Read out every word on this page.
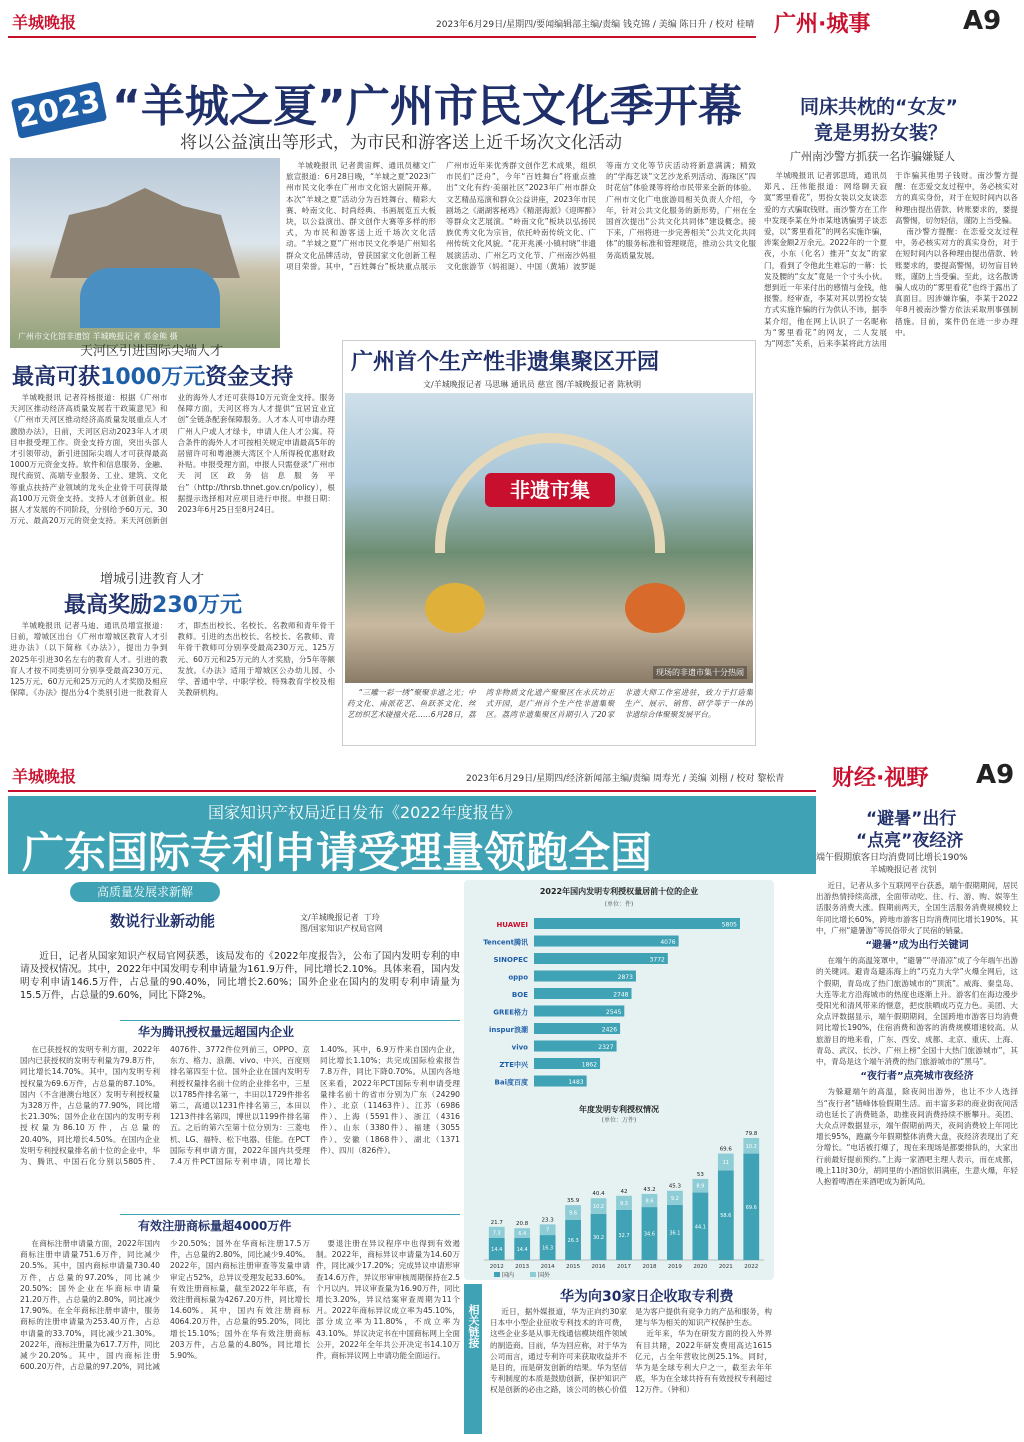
羊城晚报	2023年6月29日/星期四/要闻编辑部主编/责编 钱克锦 / 美编 陈日升 / 校对 桂晴 广州·城事	A9
2023 “羊城之夏”广州市民文化季开幕
将以公益演出等形式，为市民和游客送上近千场次文化活动
广州市文化馆非遗馆 羊城晚报记者 邓金熊 摄

羊城晚报讯 记者黄宙辉、通讯员穗文广旅宣报道：6月28日晚，“羊城之夏”2023广州市民文化季在广州市文化馆大剧院开幕。本次“羊城之夏”活动分为百姓舞台、精彩大赛、岭南文化、时尚经典、书画展览五大板块，以公益演出、群文创作大赛等多样的形式，为市民和游客送上近千场次文化活动。“羊城之夏”广州市民文化季是广州知名群众文化品牌活动，曾获国家文化创新工程项目荣誉。其中，“百姓舞台”板块重点展示广州市近年来优秀群文创作艺术成果，组织市民们“泛舟”，今年“百姓舞台”将重点推出“文化有约·美丽社区”2023年广州市群众文艺精品巡演和群众公益讲座，2023年市民剧场之《湖湖客秘鸡》《精湛海派》《迎晖醉》等群众文艺展演。“岭南文化”板块以弘扬民族优秀文化为宗旨，依托岭南传统文化、广州传统文化风貌。“花开兆溪·小镇村晓”非遗展演活动、广州乞巧文化节、广州南沙妈祖文化旅游节（妈祖诞）、中国（黄埔）波罗诞等南方文化等节庆活动将新意满满；精致的“学海艺谈”文艺沙龙系列活动、海珠区“四时花信”体验课等将给市民带来全新的体验。广州市文化广电旅游局相关负责人介绍，今年，针对公共文化服务的新形势，广州在全国首次提出“公共文化共同体”建设概念。接下来，广州将进一步完善相关“公共文化共同体”的服务标准和管理规范，推动公共文化服务高质量发展。

天河区引进国际尖端人才
最高可获1000万元资金支持

羊城晚报讯 记者符杨报道：根据《广州市天河区推动经济高质量发展若干政策意见》和《广州市天河区推动经济高质量发展重点人才激励办法》，日前，天河区启动2023年人才项目申报受理工作。资金支持方面，突出头部人才引领带动，新引进国际尖端人才可获得最高1000万元资金支持。软件和信息服务、金融、现代商贸、高端专业服务、工业、建筑、文化等重点扶持产业领域的龙头企业骨干可获得最高100万元资金支持。支持人才创新创业。根据人才发展的不同阶段，分别给予60万元、30万元、最高20万元的资金支持。来天河创新创业的海外人才还可获得10万元资金支持。服务保障方面，天河区将为人才提供“宜居宜业宜创”全链条配套保障服务。人才本人可申请办理广州人户或人才绿卡，申请人住人才公寓。符合条件的海外人才可按相关规定申请最高5年的居留许可和粤港澳大湾区个人所得税优惠财政补贴。申报受理方面，申报人只需登录“广州市天河区政务信息服务平台”（http://thrsb.thnet.gov.cn/policy），根据提示选择相对应项目进行申报。申报日期：2023年6月25日至8月24日。

增城引进教育人才
最高奖励230万元

羊城晚报讯 记者马迪、通讯员增宣报道：日前，增城区出台《广州市增城区教育人才引进办法》（以下简称《办法》），提出力争到2025年引进30名左右的教育人才。引进的教育人才按不同类别可分别享受最高230万元、125万元、60万元和25万元的人才奖励及相应保障。《办法》提出分4个类别引进一批教育人才，即杰出校长、名校长、名教师和青年骨干教师。引进的杰出校长、名校长、名教师、青年骨干教师可分别享受最高230万元、125万元、60万元和25万元的人才奖励，分5年等额发放。《办法》适用于增城区公办幼儿园、小学、普通中学、中职学校、特殊教育学校及相关教研机构。

广州首个生产性非遗集聚区开园
文/羊城晚报记者 马思琳 通讯员 慈宣 图/羊城晚报记者 陈秋明
非遗市集
现场的非遗市集十分热闹

“三雕一彩一绣”聚聚非遗之光；中药文化、南派花艺、鱼跃茶文化、丝艺纺织艺术碰撞火花……6月28日，荔湾非物质文化遗产聚聚区在永庆坊正式开园，是广州首个生产性非遗集聚区。荔湾非遗集聚区首期引入了20家非遗大师工作室进驻，致力于打造集生产、展示、销售、研学等于一体的非遗综合体聚聚发展平台。

同床共枕的“女友”
竟是男扮女装？
广州南沙警方抓获一名诈骗嫌疑人

羊城晚报讯 记者郭思琦，通讯员郑凡、汪伟能报道：网络聊天寂寞“雾里看花”，男扮女装以交友谈恋爱的方式骗取钱财。南沙警方在工作中发现李某在外市某地诱骗男子谈恋爱，以“雾里看花”的网名实施诈骗，涉案金额2万余元。2022年的一个夏夜，小东（化名）推开“女友”的家门，看到了令他此生难忘的一幕：长发及腰的“女友”竟是一个寸头小伙。想到近一年来付出的感情与金钱，他报警。经审查，李某对其以男扮女装方式实施诈骗的行为供认不讳，据李某介绍，他在网上认识了一名昵称为“雾里看花”的网友，二人发展为“网恋”关系，后来李某将此方法用于诈骗其他男子钱财。南沙警方提醒：在恋爱交友过程中，务必核实对方的真实身份，对于在短时间内以各种理由提出借款、转账要求的，要提高警惕，切勿轻信，谨防上当受骗。

南沙警方提醒：在恋爱交友过程中，务必核实对方的真实身份，对于在短时间内以各种理由提出借款、转账要求的，要提高警惕，切勿盲目转账，谨防上当受骗。至此，这名散诱骗人成功的“雾里看花”也终于露出了真面目。因涉嫌诈骗，李某于2022年8月被南沙警方依法采取刑事强制措施。目前，案件仍在进一步办理中。

羊城晚报	2023年6月29日/星期四/经济新闻部主编/责编 周寿光 / 美编 刘栩 / 校对 黎松青 财经·视野 A9
国家知识产权局近日发布《2022年度报告》
广东国际专利申请受理量领跑全国
高质量发展求新解
数说行业新动能	文/羊城晚报记者  丁玲
图/国家知识产权局官网
近日，记者从国家知识产权局官网获悉，该局发布的《2022年度报告》，公布了国内发明专利的申请及授权情况。其中，2022年中国发明专利申请量为161.9万件，同比增长2.10%。具体来看，国内发明专利申请146.5万件，占总量的90.40%，同比增长2.60%；国外企业在国内的发明专利申请量为15.5万件，占总量的9.60%，同比下降2%。
华为腾讯授权量远超国内企业

在已获授权的发明专利方面，2022年国内已获授权的发明专利量为79.8万件，同比增长14.70%。其中，国内发明专利授权量为69.6万件，占总量的87.10%。国内（不含港澳台地区）发明专利授权量为328万件，占总量的77.90%，同比增长21.30%；国外企业在国内的发明专利授权量为86.10万件，占总量的20.40%，同比增长4.50%。在国内企业发明专利授权量排名前十位的企业中，华为、腾讯、中国石化分别以5805件、4076件、3772件位列前三，OPPO、京东方、格力、浪潮、vivo、中兴、百度则排名第四至十位。国外企业在国内发明专利授权量排名前十位的企业排名中，三星以1785件排名第一，丰田以1729件排名第二，高通以1231件排名第三，本田以1213件排名第四，博世以1199件排名第五。之后的第六至第十位分别为：三菱电机、LG、福特、松下电器、佳能。在PCT国际专利申请方面，2022年国内共受理7.4万件PCT国际专利申请，同比增长1.40%。其中，6.9万件来自国内企业，同比增长1.10%；共完成国际检索报告7.8万件，同比下降0.70%。从国内各地区来看，2022年PCT国际专利申请受理量排名前十的省市分别为广东（24290件）、北京（11463件）、江苏（6986件）、上海（5591件）、浙江（4316件）、山东（3380件）、福建（3055件）、安徽（1868件）、湖北（1371件）、四川（826件）。

有效注册商标量超4000万件

在商标注册申请量方面，2022年国内商标注册申请量751.6万件，同比减少20.5%。其中，国内商标申请量730.40万件，占总量的97.20%，同比减少20.50%；国外企业在华商标申请量21.20万件，占总量的2.80%，同比减少17.90%。在全年商标注册申请中，服务商标的注册申请量为253.40万件，占总申请量的33.70%，同比减少21.30%。2022年，商标注册量为617.7万件，同比减少20.20%。其中，国内商标注册600.20万件，占总量的97.20%，同比减少20.50%；国外在华商标注册17.5万件，占总量的2.80%，同比减少9.40%。2022年，国内商标注册审查等发量申请审定占52%，总异议受理发起33.60%。有效注册商标量，截至2022年年底，有效注册商标量为4267.20万件，同比增长14.60%。其中，国内有效注册商标4064.20万件，占总量的95.20%，同比增长15.10%；国外在华有效注册商标203万件，占总量的4.80%，同比增长5.90%。

要退注册在异议程序中也得到有效遏制。2022年，商标异议申请量为14.60万件，同比减少17.20%；完成异议申请形审查14.6万件，异议形审审核周期保持在2.5个月以内。异议审查量为16.90万件，同比增长3.20%，异议结案审查周期为11个月。2022年商标异议成立率为45.10%，部分成立率为11.80%，不成立率为43.10%。异议决定书在中国商标网上全面公开，2022年全年共公开决定书14.10万件，商标异议网上申请功能全面运行。

2022年国内发明专利授权量居前十位的企业
(单位：件)
HUAWEI	5805
Tencent腾讯	4076
SINOPEC	3772
oppo	2873
BOE	2748
GREE格力	2545
inspur浪潮	2426
vivo	2327
ZTE中兴	1862
Bai度百度	1483
年度发明专利授权情况
(单位：万件)
国内	国外
14.4
7.3
21.7
2012
14.4
6.4
20.8
2013
16.3
7
23.3
2014
26.3
9.6
35.9
2015
30.2
10.2
40.4
2016
32.7
9.3
42
2017
34.6
8.6
43.2
2018
36.1
9.2
45.3
2019
44.1
8.9
53
2020
58.6
11
69.6
2021
69.6
10.2
79.8
2022
相关链接
华为向30家日企收取专利费

近日，据外媒报道，华为正向约30家日本中小型企业征收专利技术的许可费，这些企业多是从事无线通信模块组件领域的制造商。目前，华为回应称，对于华为公司而言，通过专利许可来获取收益并不是目的，而是研发创新的结果。华为坚信专利制度的本质是鼓励创新，保护知识产权是创新的必由之路，该公司的核心价值是为客户提供有竞争力的产品和服务，构建与华为相关的知识产权保护生态。

近年来，华为在研发方面的投入外界有目共睹，2022年研发费用高达1615亿元，占全年营收比例25.1%。同时，华为是全球专利大户之一，截至去年年底，华为在全球共持有有效授权专利超过12万件。（钟和）

“避暑”出行
“点亮”夜经济
端午假期旅客日均消费同比增长190%
羊城晚报记者 沈钊

近日，记者从多个互联网平台获悉，端午假期期间，居民出游热情持续高涨，全面带动吃、住、行、游、购、娱等生活服务消费大涨。假期前两天，全国生活服务消费规模较上年同比增长60%，跨地市游客日均消费同比增长190%。其中，广州“避暑游”等民俗带火了民宿的销量。

“避暑”成为出行关键词

在端午的高温笼罩中，“避暑”“寻清凉”成了今年端午出游的关键词。避青岛避冻海上的“巧克力大学”火爆全网后，这个假期，青岛成了热门旅游城市的“顶流”。威海、秦皇岛、大连等北方沿海城市的热度也逐渐上升。游客们在海边漫步受阳光和清风带来的惬意，把皮肤晒成巧克力色。美团、大众点评数据显示，端午假期期间，全国跨地市游客日均消费同比增长190%，住宿消费和游客的消费规模增速较高。从旅游目的地来看，广东、西安、成都、北京、重庆、上海、青岛、武汉、长沙、广州上榜“全国十大热门旅游城市”，其中，青岛是这个端午消费的热门旅游城市的“黑马”。

“夜行者”点亮城市夜经济

为躲避端午的高温，除夜间出游外，也让不少人选择当“夜行者”错峰体验假期生活。而丰富多彩的商业街夜间活动也延长了消费链条，助推夜间消费持续不断攀升。美团、大众点评数据显示，端午假期前两天，夜间消费较上年同比增长95%，跑赢今年假期整体消费大盘，夜经济表现出了充分增长。“电话被打爆了，现在来现场是都要排队的，大家出行前最好提前预约。”上海一家酒吧主理人表示，而在成都，晚上11时30分，胡同里的小酒馆依旧满座，生意火爆，年轻人抱着啤酒在来酒吧成为新风尚。
